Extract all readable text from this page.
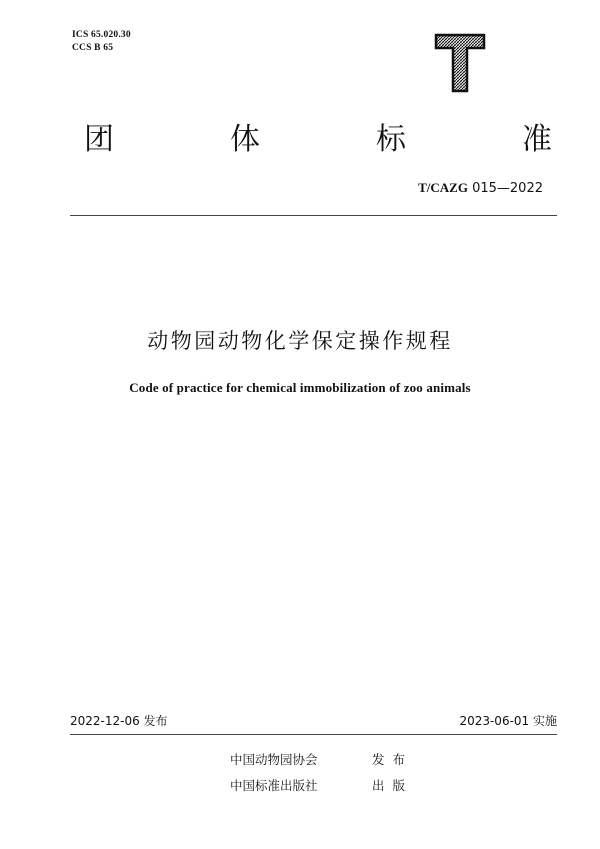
ICS 65.020.30
CCS B 65
团	体	标	准
T/CAZG 015—2022
动物园动物化学保定操作规程
Code of practice for chemical immobilization of zoo animals
2022-12-06 发布	2023-06-01 实施
中国动物园协会	发布
中国标准出版社	出版
